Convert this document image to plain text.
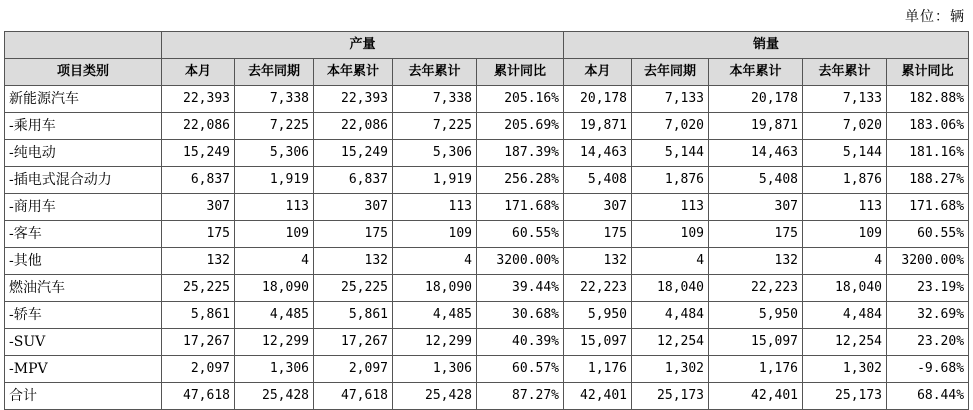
单位：辆
	产量					销量				
项目类别	本月	去年同期	本年累计	去年累计	累计同比	本月	去年同期	本年累计	去年累计	累计同比
新能源汽车	22,393	7,338	22,393	7,338	205.16%	20,178	7,133	20,178	7,133	182.88%
-乘用车	22,086	7,225	22,086	7,225	205.69%	19,871	7,020	19,871	7,020	183.06%
-纯电动	15,249	5,306	15,249	5,306	187.39%	14,463	5,144	14,463	5,144	181.16%
-插电式混合动力	6,837	1,919	6,837	1,919	256.28%	5,408	1,876	5,408	1,876	188.27%
-商用车	307	113	307	113	171.68%	307	113	307	113	171.68%
-客车	175	109	175	109	60.55%	175	109	175	109	60.55%
-其他	132	4	132	4	3200.00%	132	4	132	4	3200.00%
燃油汽车	25,225	18,090	25,225	18,090	39.44%	22,223	18,040	22,223	18,040	23.19%
-轿车	5,861	4,485	5,861	4,485	30.68%	5,950	4,484	5,950	4,484	32.69%
-SUV	17,267	12,299	17,267	12,299	40.39%	15,097	12,254	15,097	12,254	23.20%
-MPV	2,097	1,306	2,097	1,306	60.57%	1,176	1,302	1,176	1,302	-9.68%
合计	47,618	25,428	47,618	25,428	87.27%	42,401	25,173	42,401	25,173	68.44%
